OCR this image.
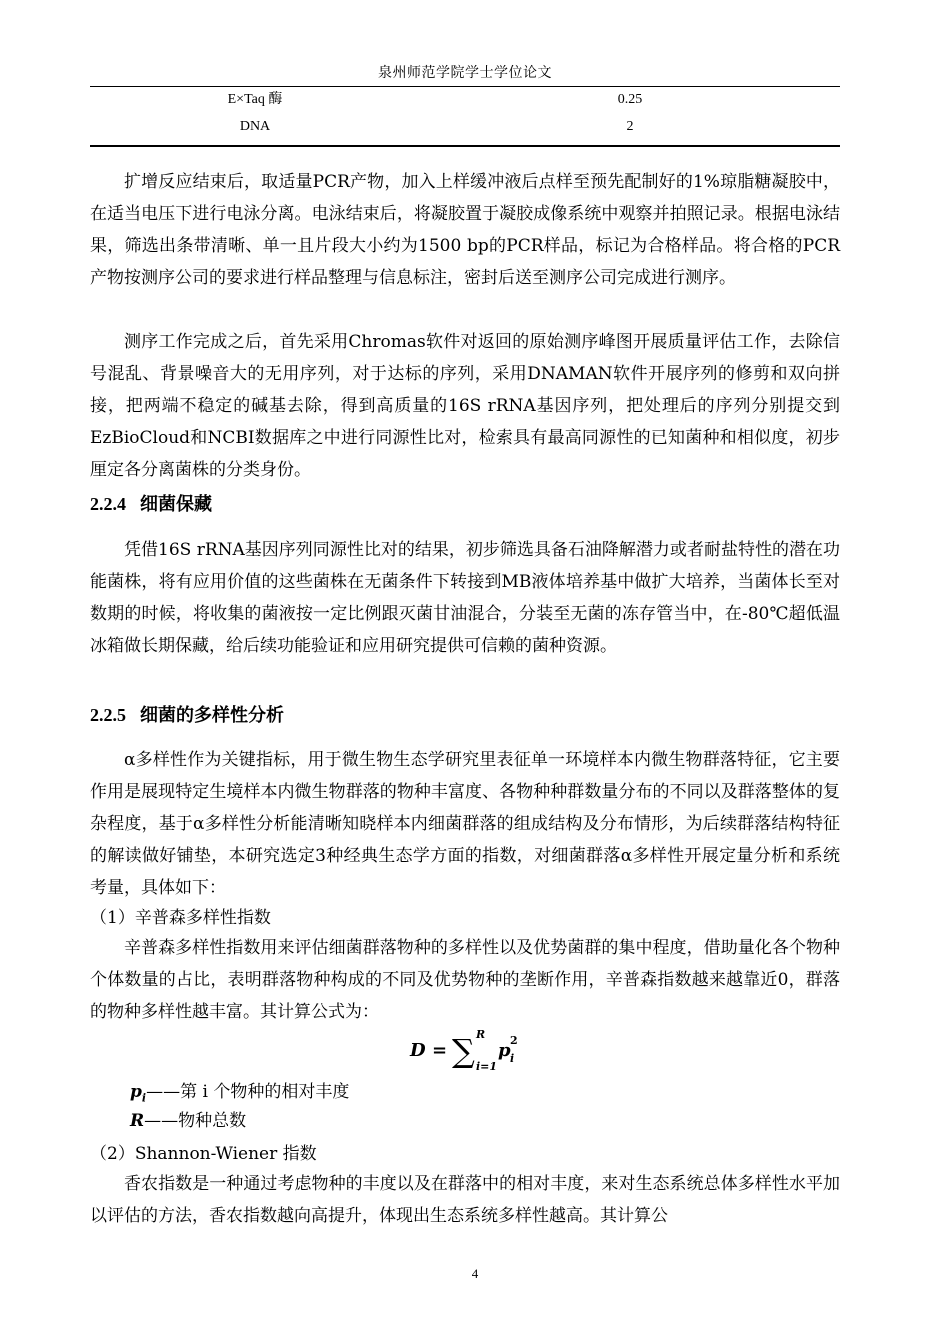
泉州师范学院学士学位论文
E×Taq 酶	0.25
DNA	2

扩增反应结束后，取适量PCR产物，加入上样缓冲液后点样至预先配制好的1%琼脂糖凝胶中，在适当电压下进行电泳分离。电泳结束后，将凝胶置于凝胶成像系统中观察并拍照记录。根据电泳结果，筛选出条带清晰、单一且片段大小约为1500 bp的PCR样品，标记为合格样品。将合格的PCR产物按测序公司的要求进行样品整理与信息标注，密封后送至测序公司完成进行测序。

测序工作完成之后，首先采用Chromas软件对返回的原始测序峰图开展质量评估工作，去除信号混乱、背景噪音大的无用序列，对于达标的序列，采用DNAMAN软件开展序列的修剪和双向拼接，把两端不稳定的碱基去除，得到高质量的16S rRNA基因序列，把处理后的序列分别提交到EzBioCloud和NCBI数据库之中进行同源性比对，检索具有最高同源性的已知菌种和相似度，初步厘定各分离菌株的分类身份。

2.2.4 细菌保藏

凭借16S rRNA基因序列同源性比对的结果，初步筛选具备石油降解潜力或者耐盐特性的潜在功能菌株，将有应用价值的这些菌株在无菌条件下转接到MB液体培养基中做扩大培养，当菌体长至对数期的时候，将收集的菌液按一定比例跟灭菌甘油混合，分装至无菌的冻存管当中，在-80℃超低温冰箱做长期保藏，给后续功能验证和应用研究提供可信赖的菌种资源。

2.2.5 细菌的多样性分析

α多样性作为关键指标，用于微生物生态学研究里表征单一环境样本内微生物群落特征，它主要作用是展现特定生境样本内微生物群落的物种丰富度、各物种种群数量分布的不同以及群落整体的复杂程度，基于α多样性分析能清晰知晓样本内细菌群落的组成结构及分布情形，为后续群落结构特征的解读做好铺垫，本研究选定3种经典生态学方面的指数，对细菌群落α多样性开展定量分析和系统考量，具体如下：

（1）辛普森多样性指数

辛普森多样性指数用来评估细菌群落物种的多样性以及优势菌群的集中程度，借助量化各个物种个体数量的占比，表明群落物种构成的不同及优势物种的垄断作用，辛普森指数越来越靠近0，群落的物种多样性越丰富。其计算公式为：

D = ∑ R
i=1
p 2
i
$p_i——$第 i 个物种的相对丰度
R——物种总数

（2）Shannon-Wiener 指数

香农指数是一种通过考虑物种的丰度以及在群落中的相对丰度，来对生态系统总体多样性水平加以评估的方法，香农指数越向高提升，体现出生态系统多样性越高。其计算公

4
